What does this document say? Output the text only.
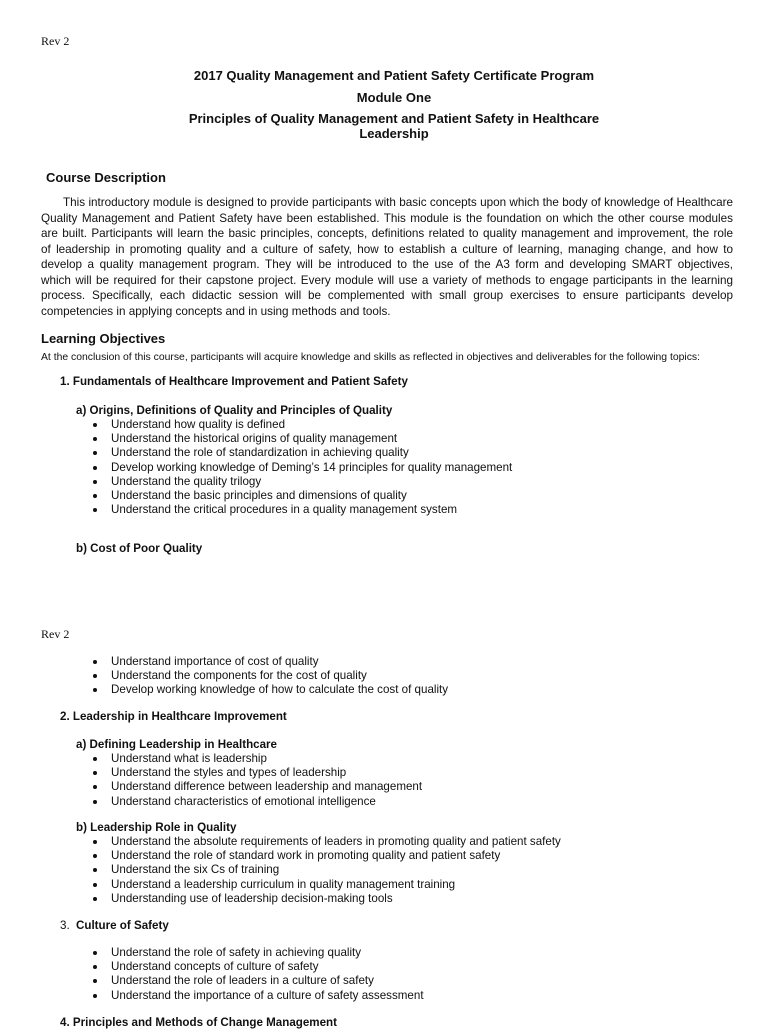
Rev 2
2017 Quality Management and Patient Safety Certificate Program
Module One
Principles of Quality Management and Patient Safety in Healthcare
Leadership
Course Description
This introductory module is designed to provide participants with basic concepts upon which the body of knowledge of Healthcare
Quality Management and Patient Safety have been established. This module is the foundation on which the other course modules
are built. Participants will learn the basic principles, concepts, definitions related to quality management and improvement, the role
of leadership in promoting quality and a culture of safety, how to establish a culture of learning, managing change, and how to
develop a quality management program. They will be introduced to the use of the A3 form and developing SMART objectives,
which will be required for their capstone project. Every module will use a variety of methods to engage participants in the learning
process. Specifically, each didactic session will be complemented with small group exercises to ensure participants develop
competencies in applying concepts and in using methods and tools.
Learning Objectives
At the conclusion of this course, participants will acquire knowledge and skills as reflected in objectives and deliverables for the following topics:
1. Fundamentals of Healthcare Improvement and Patient Safety
a) Origins, Definitions of Quality and Principles of Quality
Understand how quality is defined
Understand the historical origins of quality management
Understand the role of standardization in achieving quality
Develop working knowledge of Deming’s 14 principles for quality management
Understand the quality trilogy
Understand the basic principles and dimensions of quality
Understand the critical procedures in a quality management system
b) Cost of Poor Quality
Rev 2
Understand importance of cost of quality
Understand the components for the cost of quality
Develop working knowledge of how to calculate the cost of quality
2. Leadership in Healthcare Improvement
a) Defining Leadership in Healthcare
Understand what is leadership
Understand the styles and types of leadership
Understand difference between leadership and management
Understand characteristics of emotional intelligence
b) Leadership Role in Quality
Understand the absolute requirements of leaders in promoting quality and patient safety
Understand the role of standard work in promoting quality and patient safety
Understand the six Cs of training
Understand a leadership curriculum in quality management training
Understanding use of leadership decision-making tools
3. Culture of Safety
Understand the role of safety in achieving quality
Understand concepts of culture of safety
Understand the role of leaders in a culture of safety
Understand the importance of a culture of safety assessment
4. Principles and Methods of Change Management
